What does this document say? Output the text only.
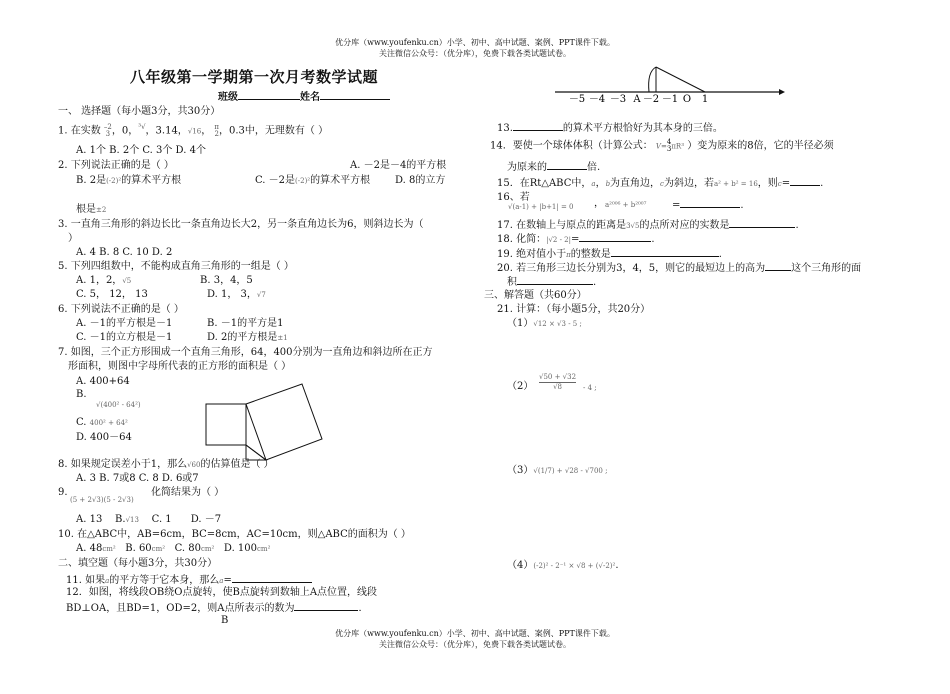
优分库（www.youfenku.cn）小学、初中、高中试题、案例、PPT课件下载。
关注微信公众号：（优分库），免费下载各类试题试卷。
八年级第一学期第一次月考数学试题
班级	姓名
一、 选择题（每小题3分，共30分）
1. 在实数 –2
3 ，0，³√
，3.14，√16， π
2，0.3中，无理数有（ ）
A. 1个 B. 2个 C. 3个 D. 4个
2. 下列说法正确的是（ ）	A. －2是－4的平方根
B. 2是(-2)²的算术平方根	C. －2是(-2)²的算术平方根 D. 8的立方
根是±2
3. 一直角三角形的斜边长比一条直角边长大2，另一条直角边长为6，则斜边长为（
）
A. 4 B. 8 C. 10 D. 2
5. 下列四组数中，不能构成直角三角形的一组是（ ）
A. 1，2，√5	B. 3，4，5
C. 5， 12， 13	D. 1， 3，√7
6. 下列说法不正确的是（ ）
A. －1的平方根是－1	B. －1的平方是1
C. －1的立方根是－1	D. 2的平方根是±1
7. 如图，三个正方形围成一个直角三角形，64，400分别为一直角边和斜边所在正方
形面积，则图中字母所代表的正方形的面积是（ ）
A. 400+64
B.
√(400² - 64²)
C. 400² + 64²
D. 400－64
8. 如果规定误差小于1，那么√60的估算值是（ ）
A. 3 B. 7或8 C. 8 D. 6或7
9.
(5 + 2√3)(5 - 2√3)
化简结果为（ ）
A. 13 B.√13 C. 1 D. －7
10. 在△ABC中，AB=6cm，BC=8cm，AC=10cm，则△ABC的面积为（ ）
A. 48cm² B. 60cm² C. 80cm² D. 100cm²
二、填空题（每小题3分，共30分）
11. 如果a的平方等于它本身，那么a=
12．如图，将线段OB绕O点旋转，使B点旋转到数轴上A点位置，线段
BD⊥OA，且BD=1，OD=2，则A点所表示的数为	．
B
－5 －4 －3 A －2 －1 O 1
13.	的算术平方根恰好为其本身的三倍。
14．要使一个球体体积（计算公式： V=4
3πR³ ）变为原来的8倍，它的半径必须
为原来的	倍.
15．在Rt△ABC中，a，b为直角边，c为斜边，若a² + b² = 16，则c=	.
16、若
√(a-1) + |b+1| = 0 ， a²⁰⁰⁶ + b²⁰⁰⁷	=	.
17. 在数轴上与原点的距离是3√5的点所对应的实数是	.
18. 化简：|√2 - 2|=	.
19. 绝对值小于π的整数是	.
20. 若三角形三边长分别为3，4，5，则它的最短边上的高为	这个三角形的面
积	.
三、解答题（共60分）
21. 计算：（每小题5分，共20分）
（1）√12 × √3 - 5 ;
$(2) \frac{√50 + √32}{√8} - 4$ ;
（3）√(1/7) + √28 - √700 ;
（4）(-2)² - 2⁻¹ × √8 + (√-2)².
优分库（www.youfenku.cn）小学、初中、高中试题、案例、PPT课件下载。
关注微信公众号：（优分库），免费下载各类试题试卷。
